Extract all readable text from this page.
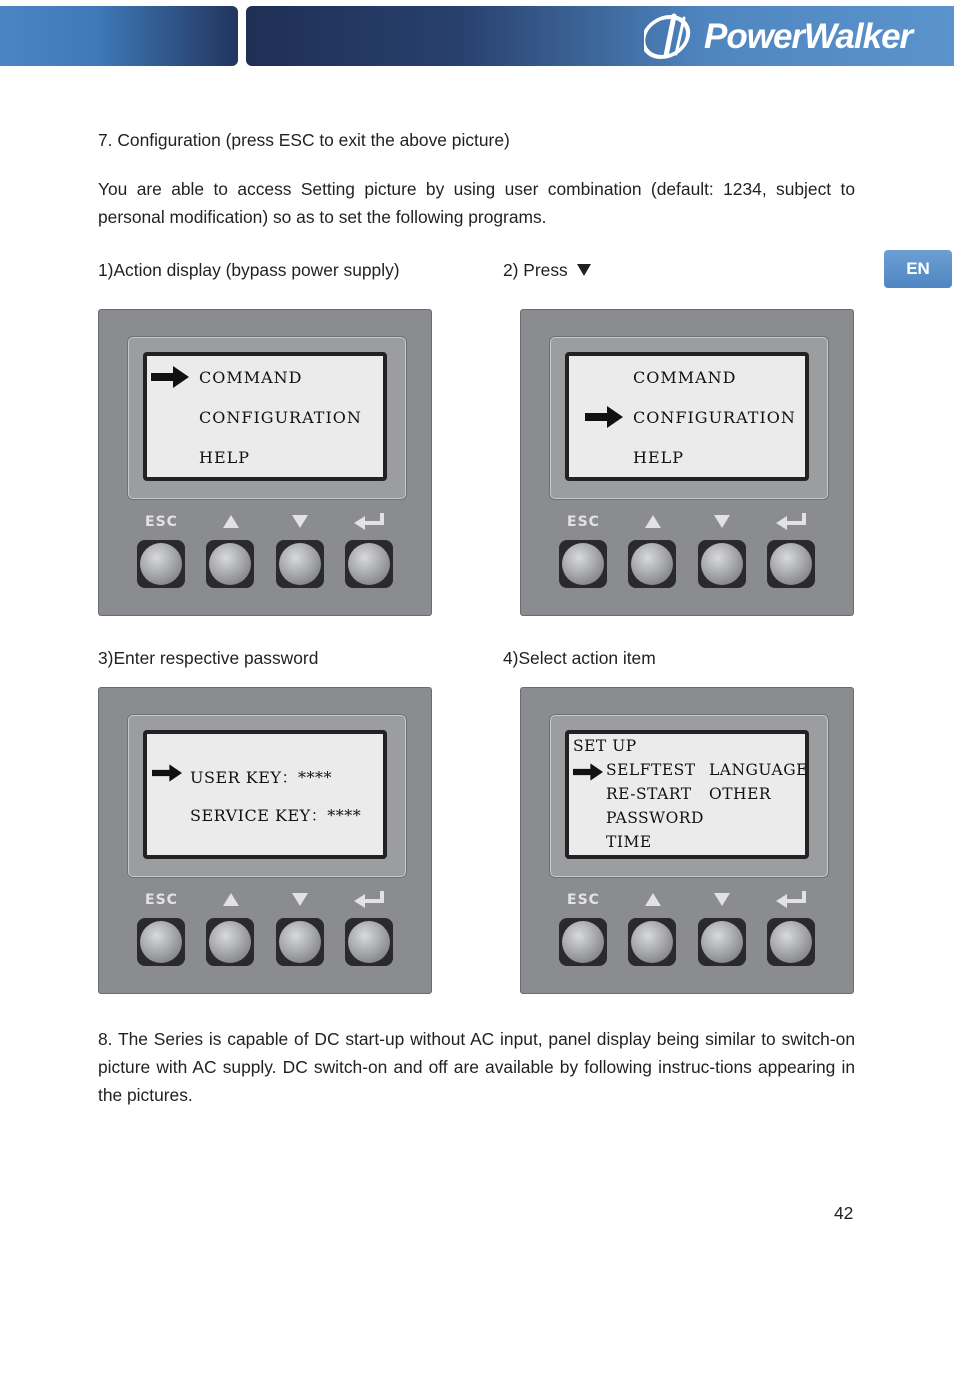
PowerWalker
EN
7. Configuration (press ESC to exit the above picture)
You are able to access Setting picture by using user combination (default: 1234, subject to personal modification) so as to set the following programs.
1)Action display (bypass power supply)	2) Press
COMMAND
CONFIGURATION
HELP
ESC
COMMAND
CONFIGURATION
HELP
ESC
3)Enter respective password	4)Select action item
USER KEY：****
SERVICE KEY：****
ESC
SET UP
SELFTEST
RE-START
PASSWORD
TIME
LANGUAGE
OTHER
ESC
8. The Series is capable of DC start-up without AC input, panel display being similar to switch-on picture with AC supply. DC switch-on and off are available by following instruc-tions appearing in the pictures.
42
